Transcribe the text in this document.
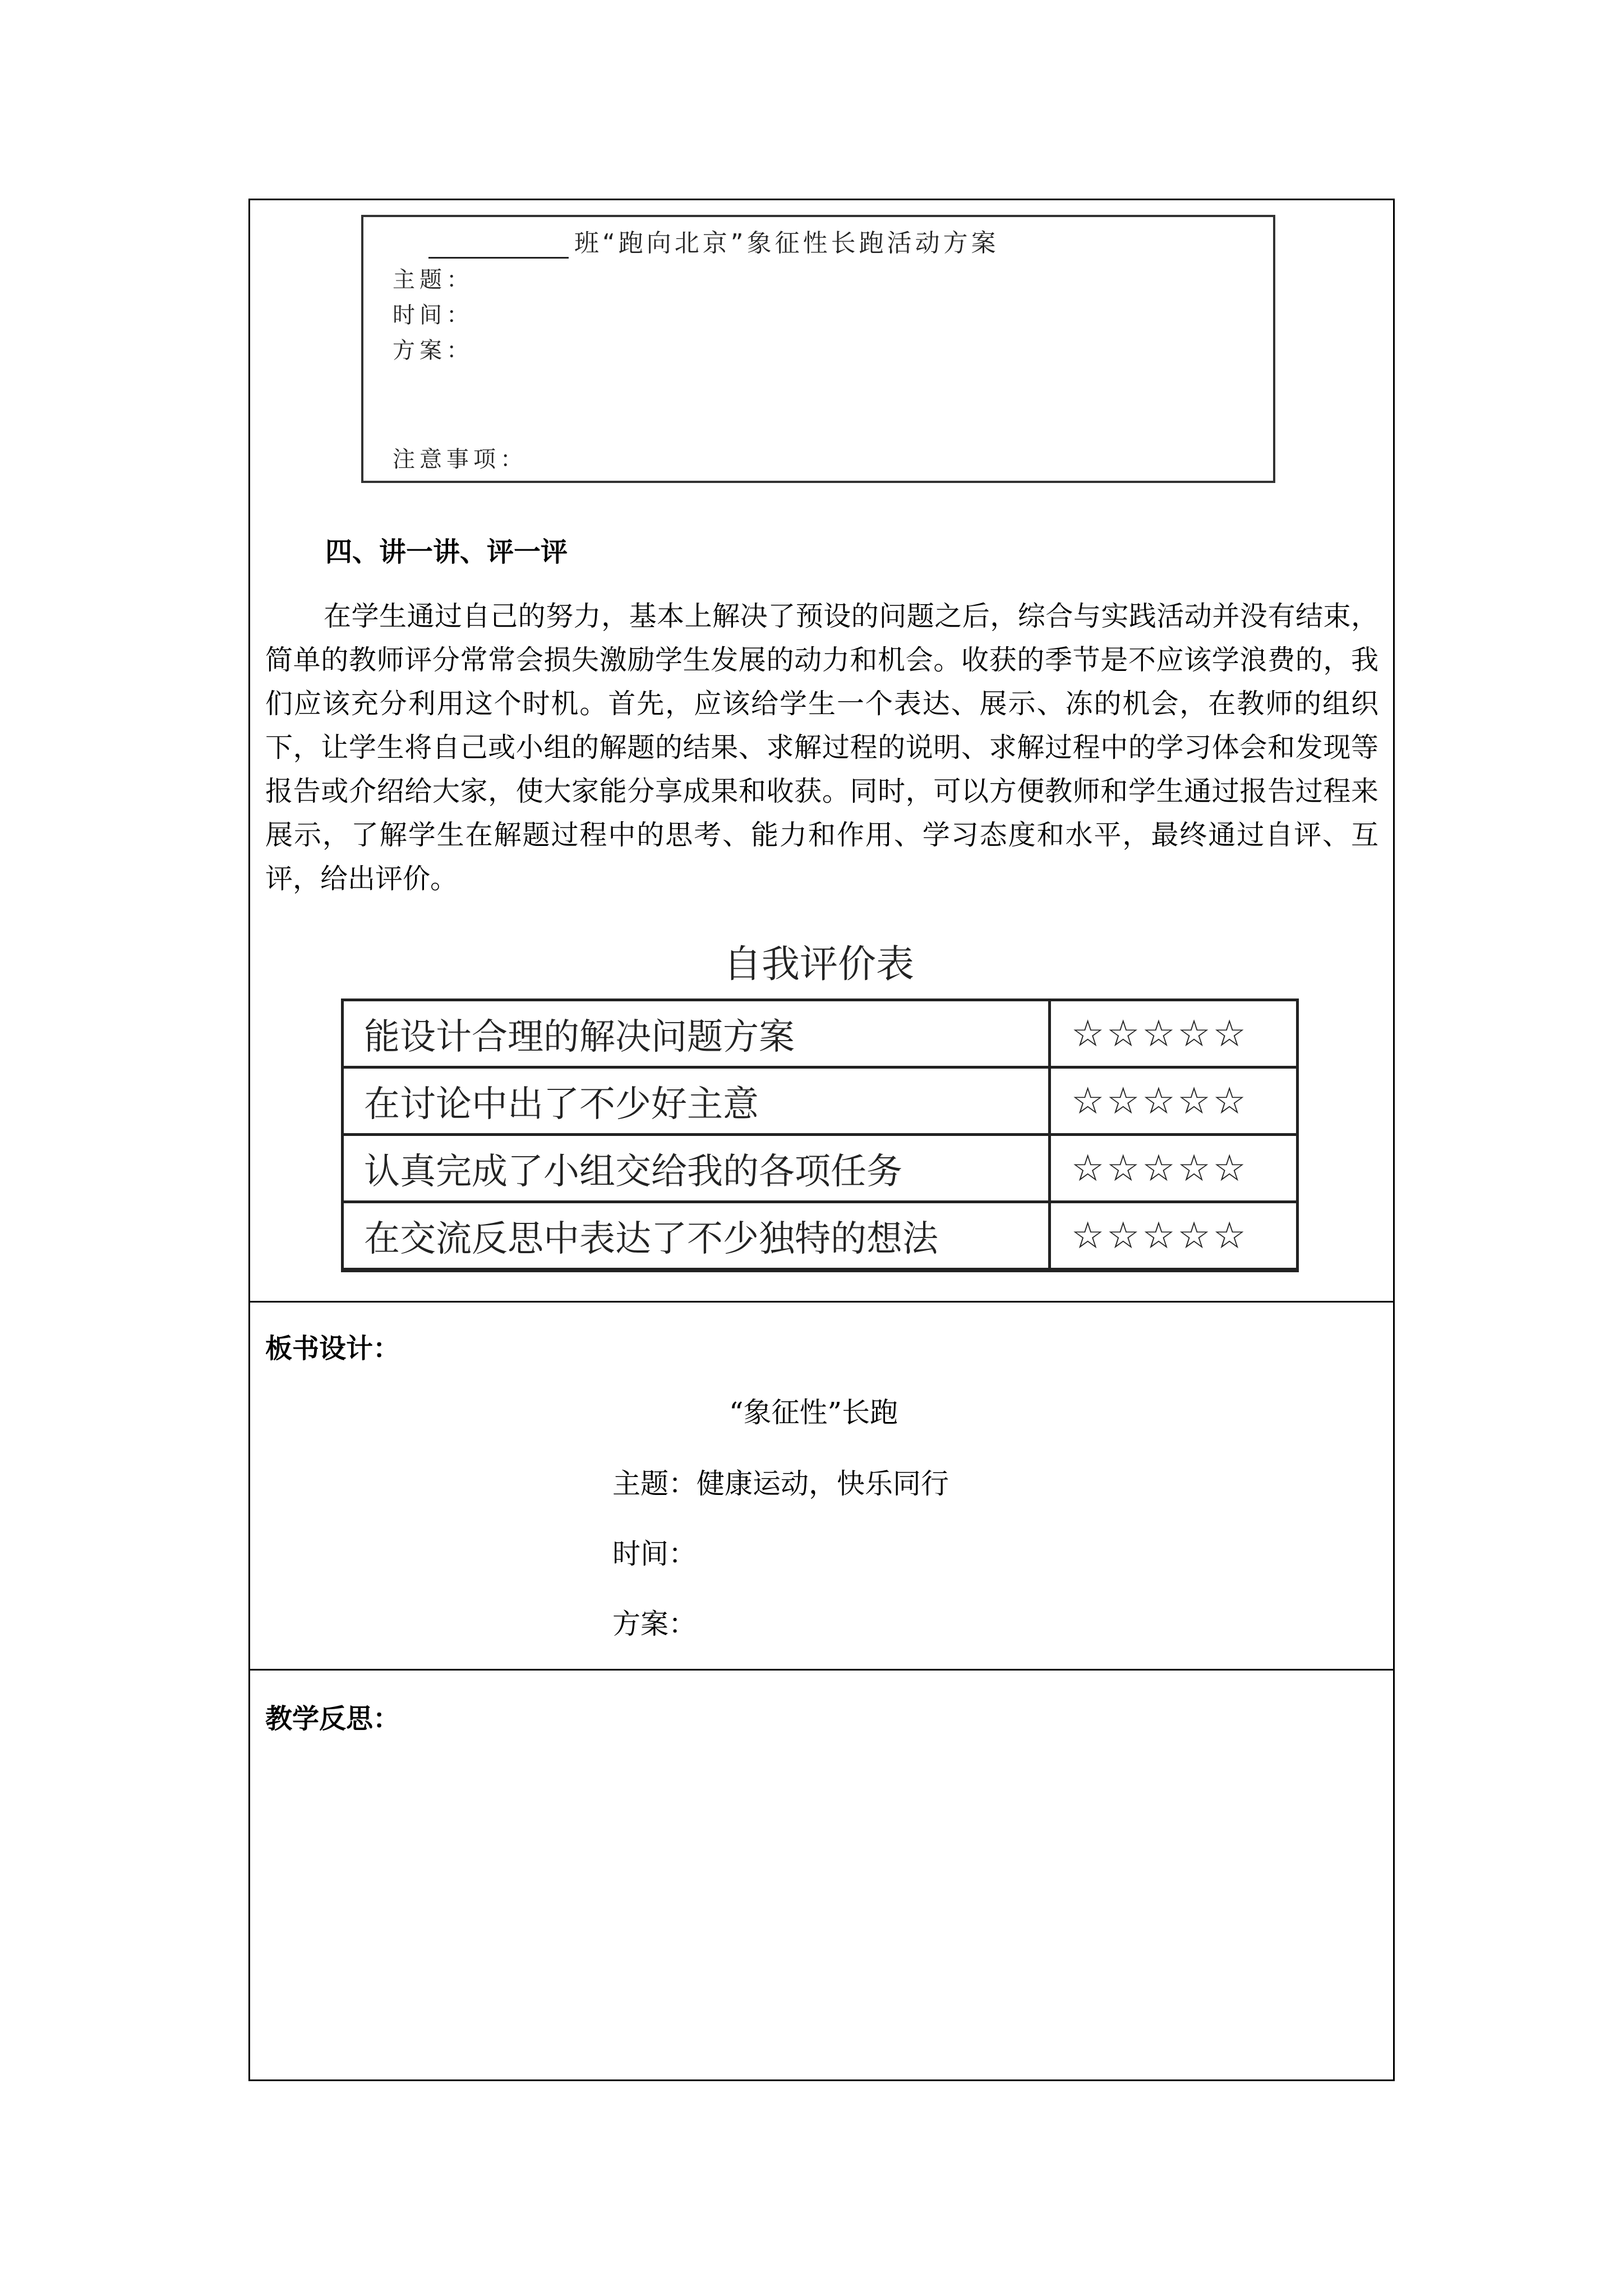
班“跑向北京”象征性长跑活动方案
主题：
时间：
方案：
注意事项：
四、讲一讲、评一评
在学生通过自己的努力，基本上解决了预设的问题之后，综合与实践活动并没有结束，简单的教师评分常常会损失激励学生发展的动力和机会。收获的季节是不应该学浪费的，我们应该充分利用这个时机。首先，应该给学生一个表达、展示、冻的机会，在教师的组织下，让学生将自己或小组的解题的结果、求解过程的说明、求解过程中的学习体会和发现等报告或介绍给大家，使大家能分享成果和收获。同时，可以方便教师和学生通过报告过程来展示，了解学生在解题过程中的思考、能力和作用、学习态度和水平，最终通过自评、互评，给出评价。
自我评价表
能设计合理的解决问题方案	☆☆☆☆☆
在讨论中出了不少好主意	☆☆☆☆☆
认真完成了小组交给我的各项任务	☆☆☆☆☆
在交流反思中表达了不少独特的想法	☆☆☆☆☆
板书设计：
“象征性”长跑
主题：健康运动，快乐同行
时间：
方案：
教学反思：
